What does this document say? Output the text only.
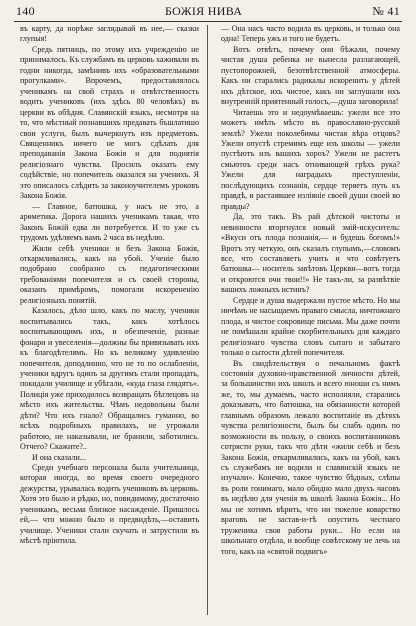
140	БОЖІЯ НИВА	№ 41

въ карту, да норѣже заглядывай въ нее,— сказки глупыя!

Средь пятницъ, по этому ихъ учрежденію не принималось. Къ службамъ въ церковь хаживали въ годни никогда, замѣнивъ ихъ «образовательными прогулками». Впрочемъ, предоставлялось ученикамъ на свой страхъ и отвѣтственность водить учениковъ (ихъ здѣсь 80 человѣкъ) въ церкви въ обѣдня. Славянскій языкъ, несмотря на то, что мѣстный познавшихъ предавать бъшлатишо свои услуги, былъ вычеркнутъ изъ предметовъ. Священникъ ничего не могъ сдѣлать для преподаванія Закона Божія и для поднятія религіознаго чувства. Просилъ оказать ему содѣйствіе, но попечитель оказался на ученихъ. Я это описалось слѣдить за законоучителемъ уроковъ Закона Божія.

— Главное, батюшка, у насъ не это, а арѳметика. Дорога нашихъ ученикамъ такая, что Законъ Божій едва ли потребуется. И то уже съ трудомъ удѣляемъ вамъ 2 часа въ недѣлю.

Жили себѣ ученики и безъ Закона Божія, откармливались, какъ на убой. Ученіе было подобрано сообразно съ педагогическими требованіями попечителя и съ своей стороны, оказанъ примѣромъ, помогали искорененію религіозныхъ понятій.

Казалось, дѣло шло, какъ по маслу, ученики воспитывались такъ, какъ хотѣлось воспитывающимъ ихъ, и обезпеченіе, разные фонари и увеселенія—должны бы привязывать ихъ къ благодѣтелямъ. Но къ великому удивленію попечителя, доподлинно, что не то по ослабленіи, ученики вдругъ одинъ за другимъ стали пропадать, покидали училище и убѣгали, «куда глаза глядятъ». Полиція уже приходилось возвращать бѣглецовъ на мѣсто ихъ жительства. Чѣмъ недовольны были дѣти? Что ихъ гнало? Обращались гуманно, во всѣхъ подробныхъ правилахъ, не угрожали работою, не наказывали, не бранили, заботились. Отчего? Скажите?..

И она сказали...

Среди учебнаго персонала была учительница, которая иногда, во время своего очередного дежурства, урывалась водить учениковъ въ церковь. Хотя это было и рѣдко, но, повидимому, достаточно ученикамъ, весьма близкое насажденіе. Пришлось ей,— что можно было и предвидѣть,—оставить училище. Ученики стали скучать и затрустили въ мѣстѣ пріютила.

— Она насъ часто водила въ церковь, и только она одна! Теперь ужъ и того не будетъ.

Вотъ отвѣтъ, почему они бѣжали, почему чистая душа ребенка не вынесла разлагающей, пустопорожней, безотвѣтственной атмосферы. Какъ ни старались радикалы искоренить у дѣтей ихъ дѣтское, ихъ чистое, какъ ни заглушали ихъ внутренній приятенный голосъ,—душа заговорила!

Читаешь это и недоумѣваешь: ужели все это можетъ имѣть мѣсто въ православно-русской землѣ? Ужели поколебимы чистая вѣра отцовъ? Ужели опустѣ стремимъ еще изъ школы — ужели пустѣютъ изъ вашихъ хороъ? Ужели не растетъ смьютоъ среди насъ отнивающей грѣхъ рука? Ужели для наградыхъ преступленіи, послѣдующихъ сознанія, сердце теряетъ путь къ правдѣ, и растаявшее изліяніе своей души своей во правды?

Да, это такъ. Въ рай дѣтской чистоты и невинности вторгнулся новый змій-искуситель: «Вкуси отъ плода познанія,— и будешь богомъ!» Вротъ эту четкую, онъ сказалъ глупымъ,—словомъ все, что составляетъ учить и что совѣтуетъ батюшка— носитель завѣтовъ Церкви—вотъ тогда и откроются очи твои!!» Не такъ-ли, за развѣтвіе вашихъ ложныхъ истинъ?

Сердце и душа выдержали пустое мѣсто. Но мы ничѣмъ не насыщаемъ праваго смысла, ничтожнаго плода, и чистое сокровище письма. Мы даже почти не помѣшали крайне скорбительныхъ для каждаго религіознаго чувства словъ сытаго и забытаго только о сытости дѣтей попечителя.

Въ свидѣтельствуя о печальномъ фактѣ состоянія духовно-нравственной личности дѣтей, за большинство ихъ школъ и всего юноши съ нимъ же, то, мы думаемъ, часто исполняли, старались доказывать, что батюшка, на обязанности которой главнымъ образомъ лежало воспитаніе въ дѣтяхъ чувства религіозности, былъ бы слабъ одинъ по возможности въ пользу, о своихъ воспитанниковъ сотрясти руки, такъ что дѣти «жили себѣ и безъ Закона Божія, откармливались, какъ на убой, какъ съ служебамъ не водили и славянскій языкъ не изучали». Конечно, такое чувство бѣдных, слѣпы въ роли гонимаго, мало обидно мало двухъ часовъ въ недѣлю для ученія въ школѣ Закона Божія... Но мы не хотимъ вѣрить, что ни тяжелое коварство враговъ не застав-и-тѣ опустить честнаго труженика своя работы руки... Но если на школьнаго отдѣла, и вообще совѣтскому не лечь на того, какъ на «святой подвигъ»
